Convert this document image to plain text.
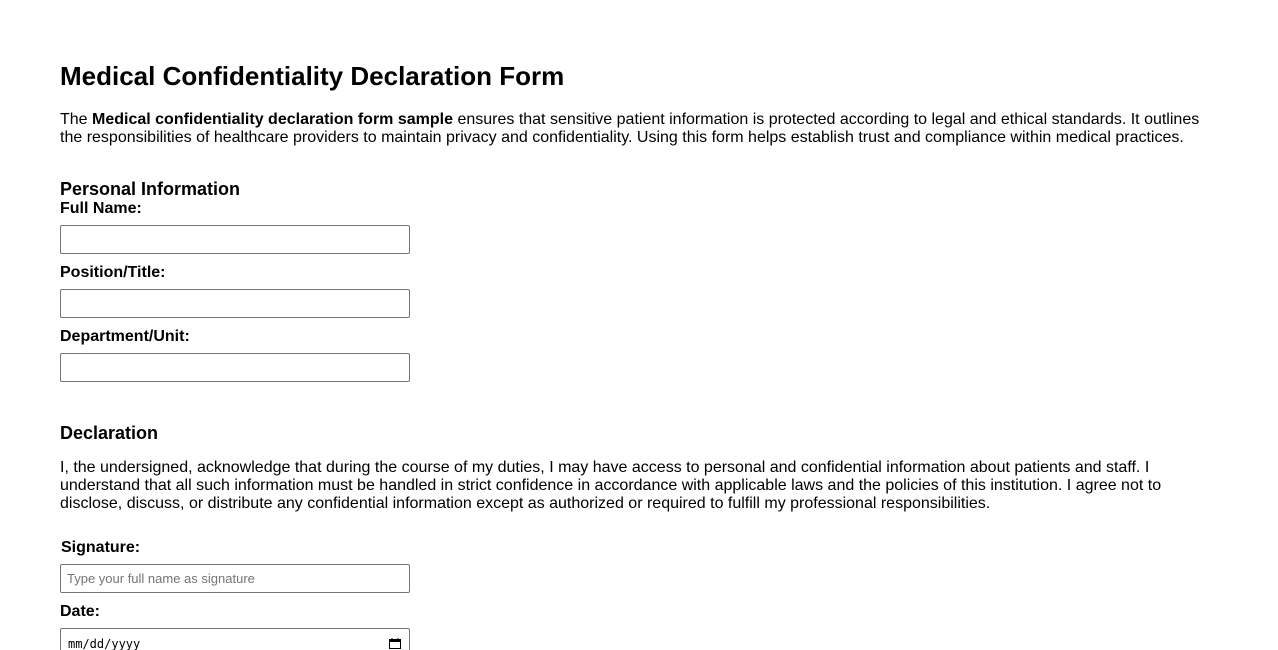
Medical Confidentiality Declaration Form

The Medical confidentiality declaration form sample ensures that sensitive patient information is protected according to legal and ethical standards. It outlines the responsibilities of healthcare providers to maintain privacy and confidentiality. Using this form helps establish trust and compliance within medical practices.

Personal Information
Full Name:
Position/Title:
Department/Unit:
Declaration

I, the undersigned, acknowledge that during the course of my duties, I may have access to personal and confidential information about patients and staff. I understand that all such information must be handled in strict confidence in accordance with applicable laws and the policies of this institution. I agree not to disclose, discuss, or distribute any confidential information except as authorized or required to fulfill my professional responsibilities.

Signature:
Type your full name as signature
Date:
mm/dd/yyyy
